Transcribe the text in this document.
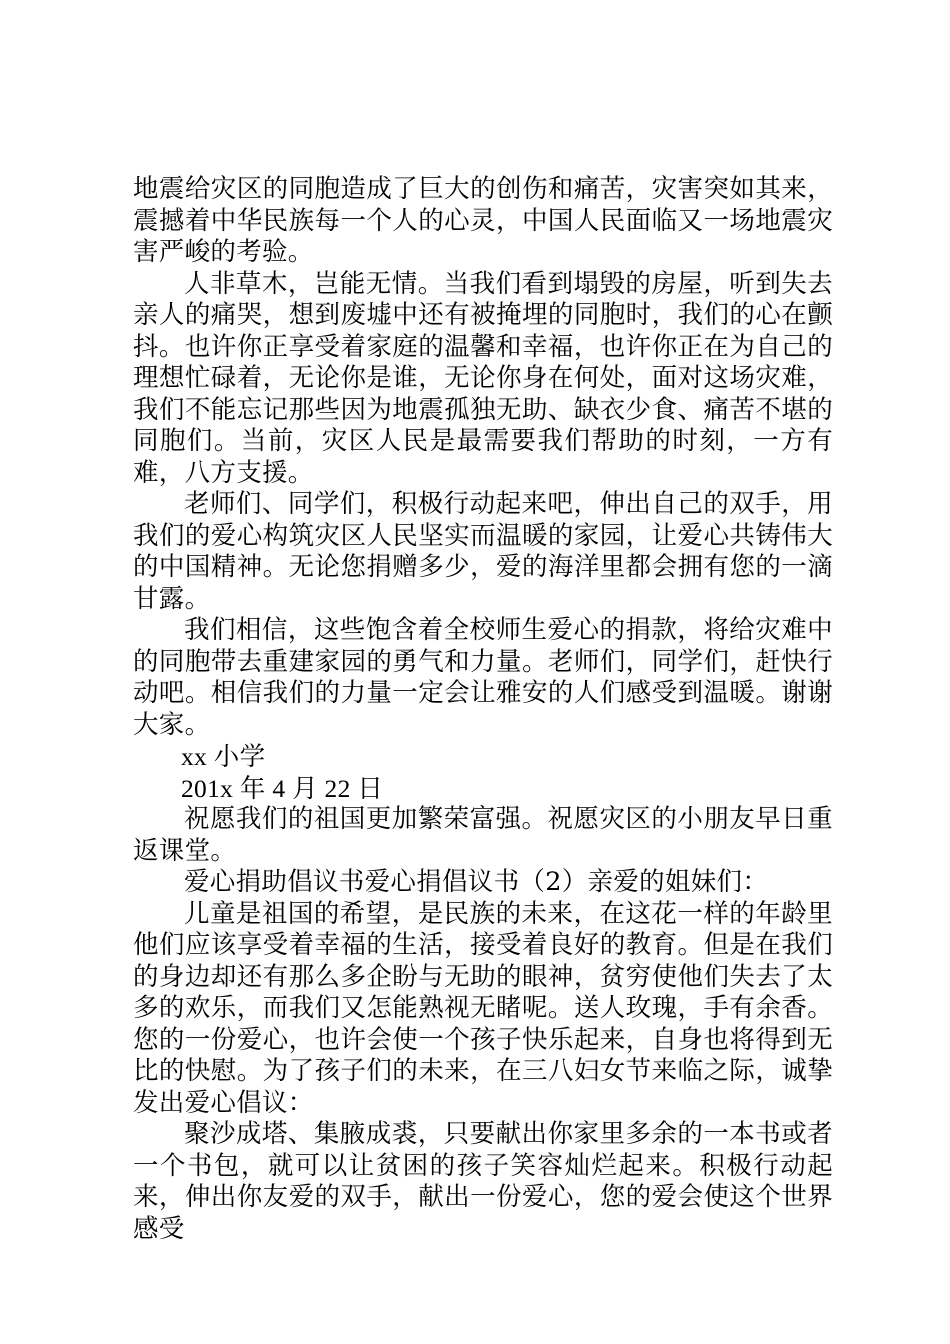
地震给灾区的同胞造成了巨大的创伤和痛苦，灾害突如其来，震撼着中华民族每一个人的心灵，中国人民面临又一场地震灾害严峻的考验。

人非草木，岂能无情。当我们看到塌毁的房屋，听到失去亲人的痛哭，想到废墟中还有被掩埋的同胞时，我们的心在颤抖。也许你正享受着家庭的温馨和幸福，也许你正在为自己的理想忙碌着，无论你是谁，无论你身在何处，面对这场灾难，我们不能忘记那些因为地震孤独无助、缺衣少食、痛苦不堪的同胞们。当前，灾区人民是最需要我们帮助的时刻，一方有难，八方支援。

老师们、同学们，积极行动起来吧，伸出自己的双手，用我们的爱心构筑灾区人民坚实而温暖的家园，让爱心共铸伟大的中国精神。无论您捐赠多少，爱的海洋里都会拥有您的一滴甘露。

我们相信，这些饱含着全校师生爱心的捐款，将给灾难中的同胞带去重建家园的勇气和力量。老师们，同学们，赶快行动吧。相信我们的力量一定会让雅安的人们感受到温暖。谢谢大家。

xx 小学

201x 年 4 月 22 日

祝愿我们的祖国更加繁荣富强。祝愿灾区的小朋友早日重返课堂。

爱心捐助倡议书爱心捐倡议书（2）亲爱的姐妹们：

儿童是祖国的希望，是民族的未来，在这花一样的年龄里他们应该享受着幸福的生活，接受着良好的教育。但是在我们的身边却还有那么多企盼与无助的眼神，贫穷使他们失去了太多的欢乐，而我们又怎能熟视无睹呢。送人玫瑰，手有余香。您的一份爱心，也许会使一个孩子快乐起来，自身也将得到无比的快慰。为了孩子们的未来，在三八妇女节来临之际，诚挚发出爱心倡议：

聚沙成塔、集腋成裘，只要献出你家里多余的一本书或者一个书包，就可以让贫困的孩子笑容灿烂起来。积极行动起来，伸出你友爱的双手，献出一份爱心，您的爱会使这个世界感受
